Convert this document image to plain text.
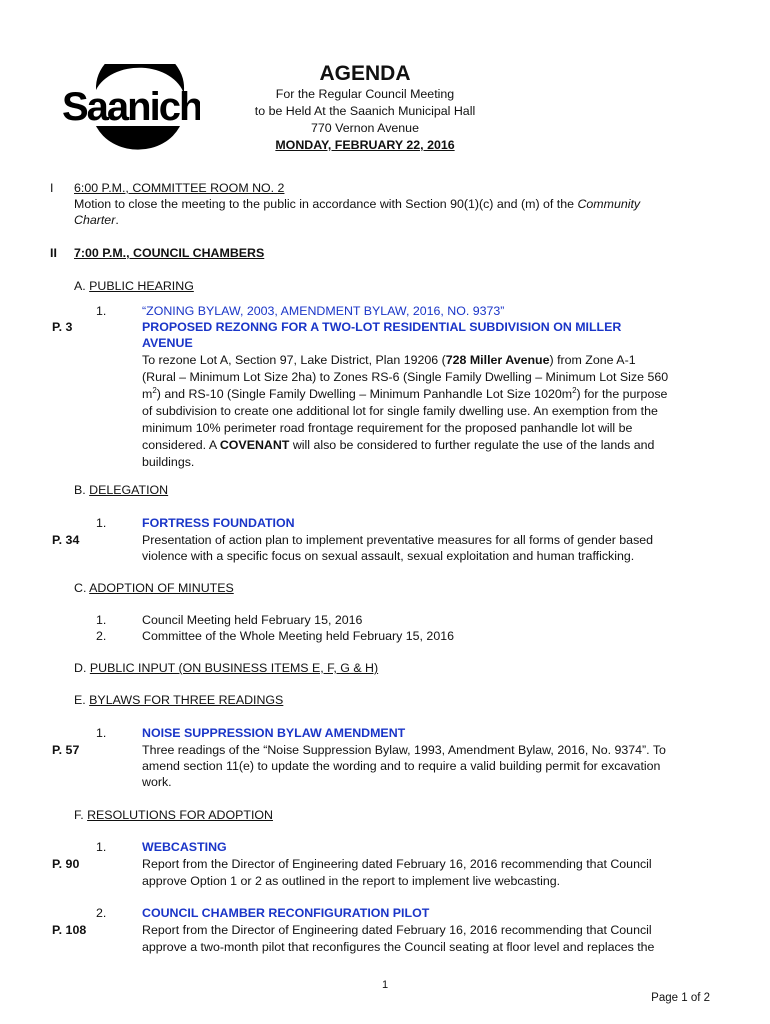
Saanich
AGENDA
For the Regular Council Meeting
to be Held At the Saanich Municipal Hall
770 Vernon Avenue
MONDAY, FEBRUARY 22, 2016
I 6:00 P.M., COMMITTEE ROOM NO. 2
Motion to close the meeting to the public in accordance with Section 90(1)(c) and (m) of the Community
Charter.
II 7:00 P.M., COUNCIL CHAMBERS
A. PUBLIC HEARING
1.
P. 3
“ZONING BYLAW, 2003, AMENDMENT BYLAW, 2016, NO. 9373”
PROPOSED REZONNG FOR A TWO-LOT RESIDENTIAL SUBDIVISION ON MILLER
AVENUE
To rezone Lot A, Section 97, Lake District, Plan 19206 (728 Miller Avenue) from Zone A-1
(Rural – Minimum Lot Size 2ha) to Zones RS-6 (Single Family Dwelling – Minimum Lot Size 560
$m^2$) and RS-10 (Single Family Dwelling – Minimum Panhandle Lot Size $1020m^2$) for the purpose
of subdivision to create one additional lot for single family dwelling use. An exemption from the
minimum 10% perimeter road frontage requirement for the proposed panhandle lot will be
considered. A COVENANT will also be considered to further regulate the use of the lands and
buildings.
B. DELEGATION
1.
P. 34
FORTRESS FOUNDATION
Presentation of action plan to implement preventative measures for all forms of gender based
violence with a specific focus on sexual assault, sexual exploitation and human trafficking.
C. ADOPTION OF MINUTES
1.	Council Meeting held February 15, 2016
2.	Committee of the Whole Meeting held February 15, 2016
D. PUBLIC INPUT (ON BUSINESS ITEMS E, F, G & H)
E. BYLAWS FOR THREE READINGS
1.
P. 57
NOISE SUPPRESSION BYLAW AMENDMENT
Three readings of the “Noise Suppression Bylaw, 1993, Amendment Bylaw, 2016, No. 9374”. To
amend section 11(e) to update the wording and to require a valid building permit for excavation
work.
F. RESOLUTIONS FOR ADOPTION
1.
P. 90
WEBCASTING
Report from the Director of Engineering dated February 16, 2016 recommending that Council
approve Option 1 or 2 as outlined in the report to implement live webcasting.
2.
P. 108
COUNCIL CHAMBER RECONFIGURATION PILOT
Report from the Director of Engineering dated February 16, 2016 recommending that Council
approve a two-month pilot that reconfigures the Council seating at floor level and replaces the
1
Page 1 of 2
